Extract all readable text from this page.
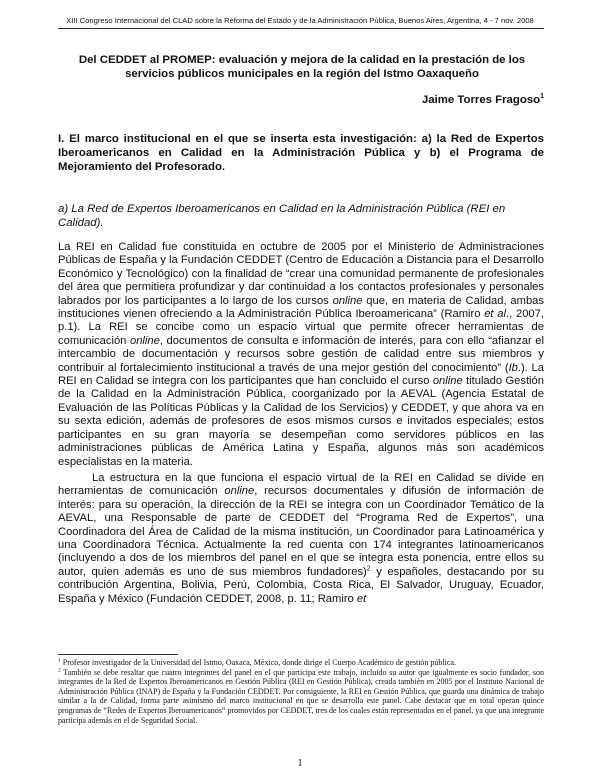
XIII Congreso Internacional del CLAD sobre la Reforma del Estado y de la Administración Pública, Buenos Aires, Argentina, 4 - 7 nov. 2008
Del CEDDET al PROMEP: evaluación y mejora de la calidad en la prestación de los
servicios públicos municipales en la región del Istmo Oaxaqueño
Jaime Torres Fragoso$^1$
I. El marco institucional en el que se inserta esta investigación: a) la Red de Expertos Iberoamericanos en Calidad en la Administración Pública y b) el Programa de Mejoramiento del Profesorado.
a) La Red de Expertos Iberoamericanos en Calidad en la Administración Pública (REI en Calidad).

La REI en Calidad fue constituida en octubre de 2005 por el Ministerio de Administraciones Públicas de España y la Fundación CEDDET (Centro de Educación a Distancia para el Desarrollo Económico y Tecnológico) con la finalidad de “crear una comunidad permanente de profesionales del área que permitiera profundizar y dar continuidad a los contactos profesionales y personales labrados por los participantes a lo largo de los cursos online que, en materia de Calidad, ambas instituciones vienen ofreciendo a la Administración Pública Iberoamericana” (Ramiro et al., 2007, p.1). La REI se concibe como un espacio virtual que permite ofrecer herramientas de comunicación online, documentos de consulta e información de interés, para con ello “afianzar el intercambio de documentación y recursos sobre gestión de calidad entre sus miembros y contribuir al fortalecimiento institucional a través de una mejor gestión del conocimiento” (Ib.). La REI en Calidad se integra con los participantes que han concluido el curso online titulado Gestión de la Calidad en la Administración Pública, coorganizado por la AEVAL (Agencia Estatal de Evaluación de las Políticas Públicas y la Calidad de los Servicios) y CEDDET, y que ahora va en su sexta edición, además de profesores de esos mismos cursos e invitados especiales; estos participantes en su gran mayoría se desempeñan como servidores públicos en las administraciones públicas de América Latina y España, algunos más son académicos especialistas en la materia.

La estructura en la que funciona el espacio virtual de la REI en Calidad se divide en herramientas de comunicación online, recursos documentales y difusión de información de interés: para su operación, la dirección de la REI se integra con un Coordinador Temático de la AEVAL, una Responsable de parte de CEDDET del “Programa Red de Expertos”, una Coordinadora del Área de Calidad de la misma institución, un Coordinador para Latinoamérica y una Coordinadora Técnica. Actualmente la red cuenta con 174 integrantes latinoamericanos (incluyendo a dos de los miembros del panel en el que se integra esta ponencia, entre ellos su autor, quien además es uno de sus miembros fundadores)$^2$ y españoles, destacando por su contribución Argentina, Bolivia, Perú, Colombia, Costa Rica, El Salvador, Uruguay, Ecuador, España y México (Fundación CEDDET, 2008, p. 11; Ramiro et

$^1$ Profesor investigador de la Universidad del Istmo, Oaxaca, México, donde dirige el Cuerpo Académico de gestión pública.

$^2$ También se debe resaltar que cuatro integrantes del panel en el que participa este trabajo, incluido su autor que igualmente es socio fundador, son integrantes de la Red de Expertos Iberoamericanos en Gestión Pública (REI en Gestión Pública), creada también en 2005 por el Instituto Nacional de Administración Pública (INAP) de España y la Fundación CEDDET. Por consiguiente, la REI en Gestión Pública, que guarda una dinámica de trabajo similar a la de Calidad, forma parte asimismo del marco institucional en que se desarrolla este panel. Cabe destacar que en total operan quince programas de “Redes de Expertos Iberoamericanos” promovidos por CEDDET, tres de los cuales están representados en el panel, ya que una integrante participa además en el de Seguridad Social.

1
